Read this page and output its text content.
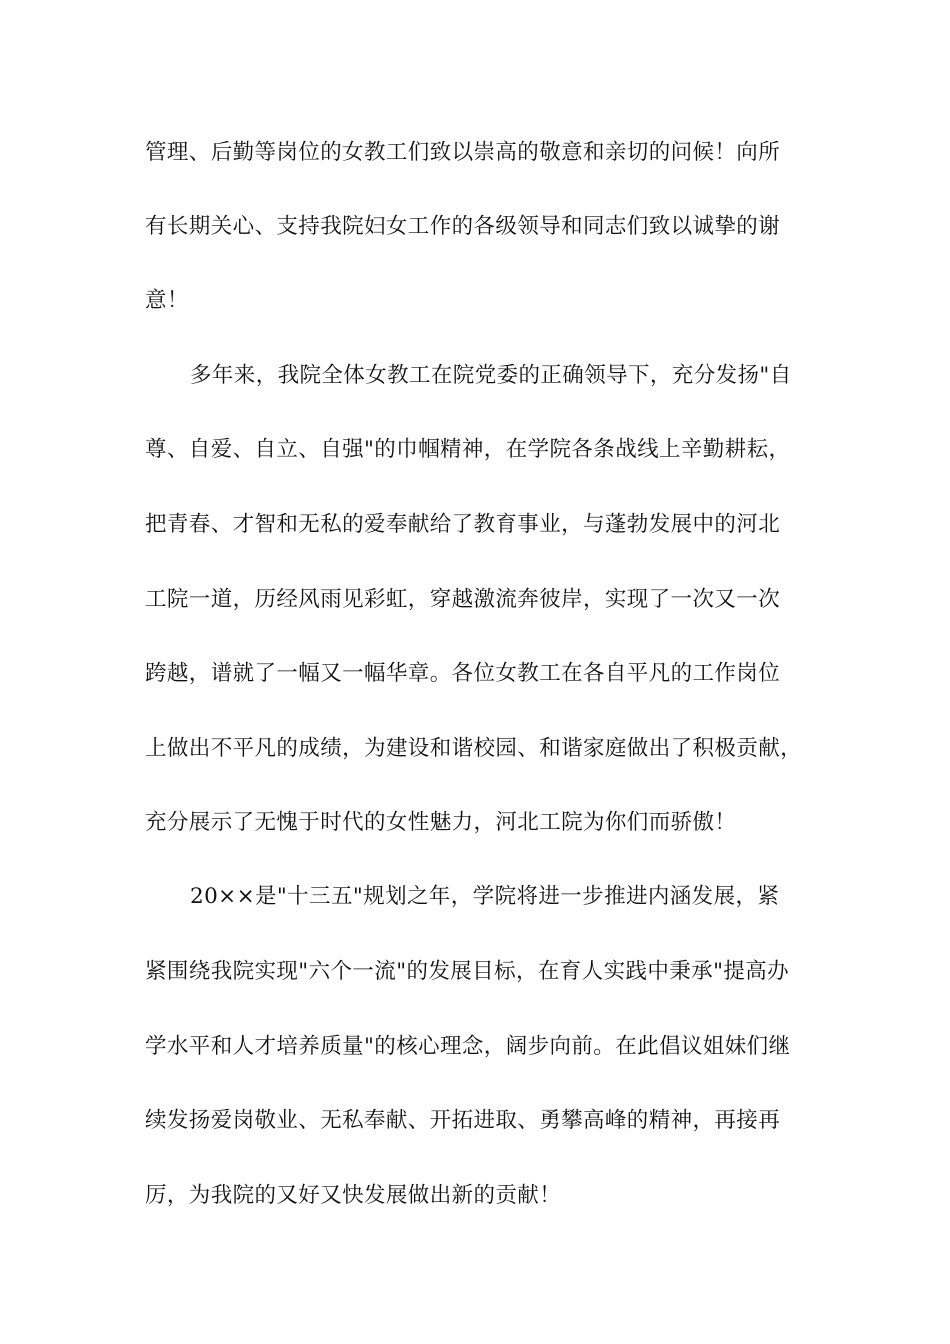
管理、后勤等岗位的女教工们致以崇高的敬意和亲切的问候！向所
有长期关心、支持我院妇女工作的各级领导和同志们致以诚挚的谢
意！
多年来，我院全体女教工在院党委的正确领导下，充分发扬"自
尊、自爱、自立、自强"的巾帼精神，在学院各条战线上辛勤耕耘，
把青春、才智和无私的爱奉献给了教育事业，与蓬勃发展中的河北
工院一道，历经风雨见彩虹，穿越激流奔彼岸，实现了一次又一次
跨越，谱就了一幅又一幅华章。各位女教工在各自平凡的工作岗位
上做出不平凡的成绩，为建设和谐校园、和谐家庭做出了积极贡献，
充分展示了无愧于时代的女性魅力，河北工院为你们而骄傲！
20××是"十三五"规划之年，学院将进一步推进内涵发展，紧
紧围绕我院实现"六个一流"的发展目标，在育人实践中秉承"提高办
学水平和人才培养质量"的核心理念，阔步向前。在此倡议姐妹们继
续发扬爱岗敬业、无私奉献、开拓进取、勇攀高峰的精神，再接再
厉，为我院的又好又快发展做出新的贡献！
